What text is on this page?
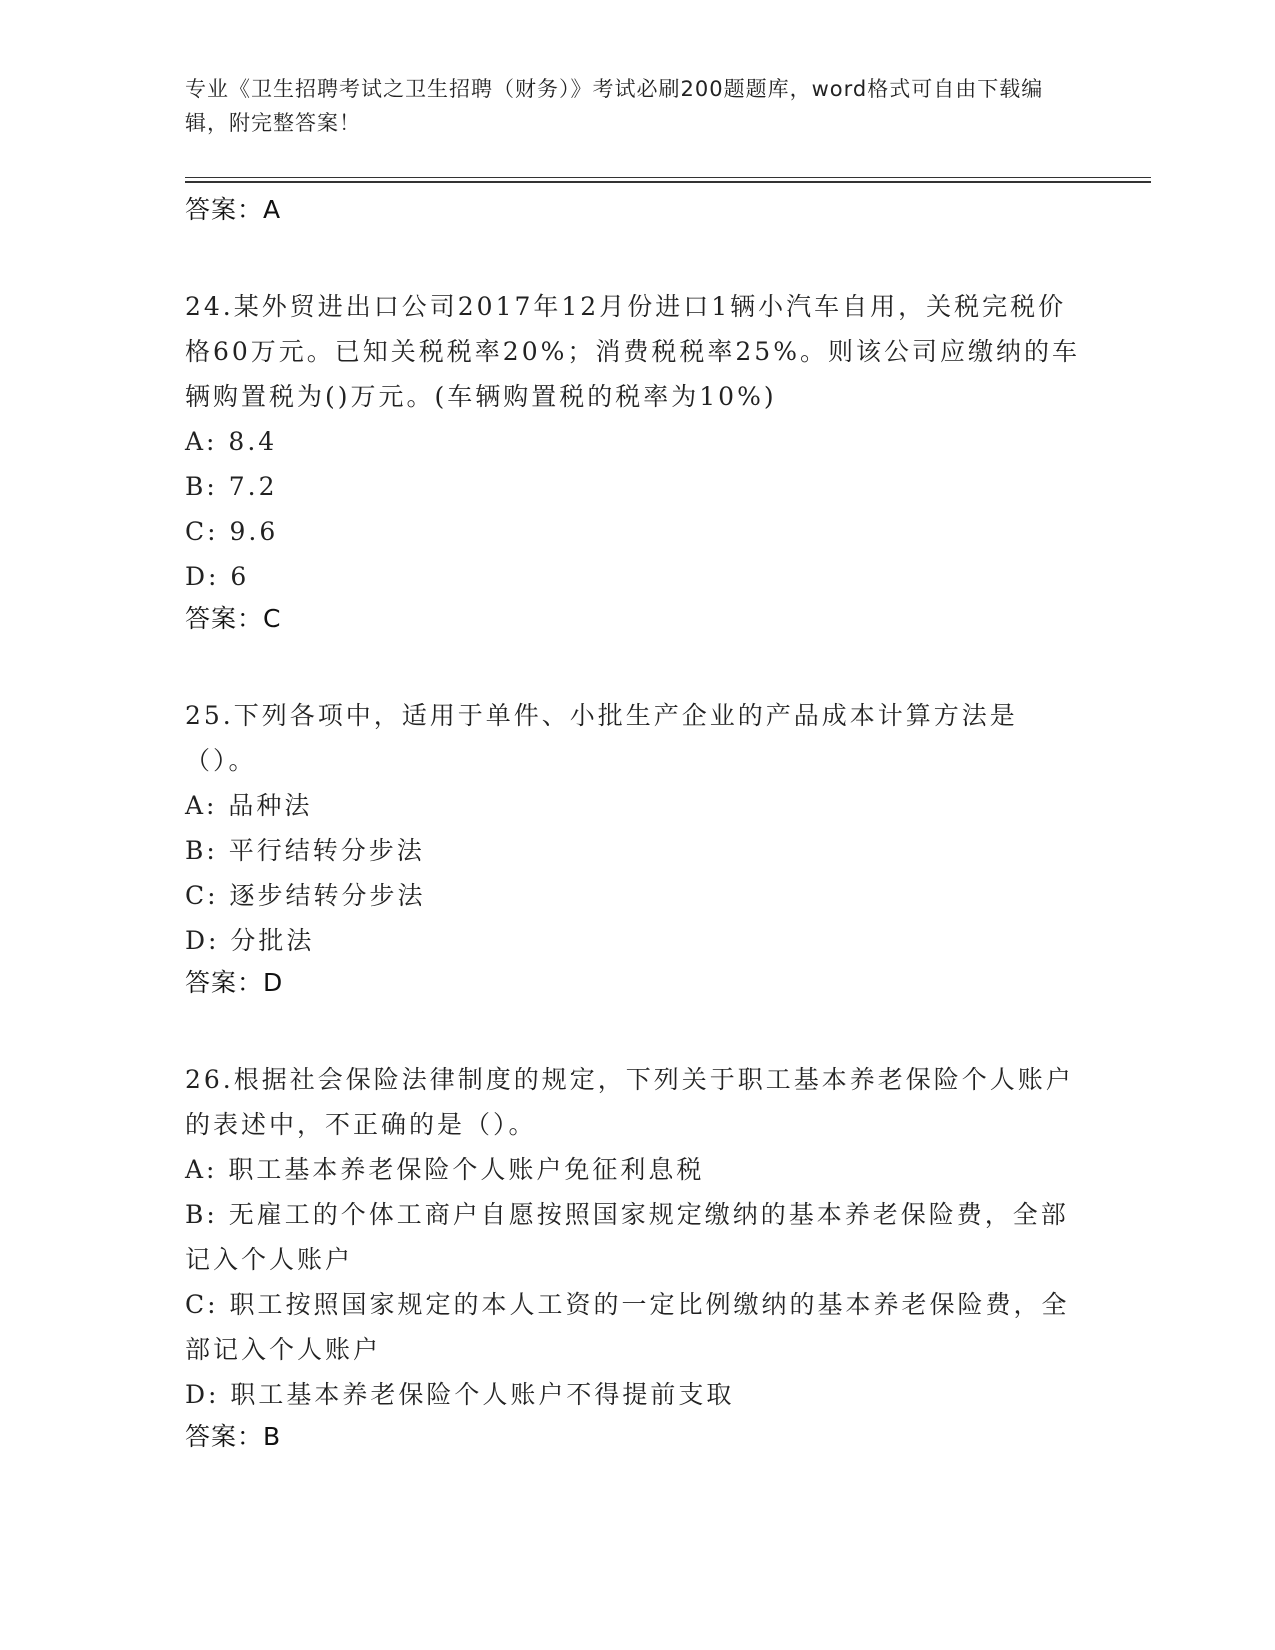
专业《卫生招聘考试之卫生招聘（财务）》考试必刷200题题库，word格式可自由下载编辑，附完整答案！

答案：A

24.某外贸进出口公司2017年12月份进口1辆小汽车自用，关税完税价格60万元。已知关税税率20%；消费税税率25%。则该公司应缴纳的车辆购置税为()万元。(车辆购置税的税率为10%)

A: 8.4

B: 7.2

C: 9.6

D: 6

答案：C

25.下列各项中，适用于单件、小批生产企业的产品成本计算方法是（）。

A: 品种法

B: 平行结转分步法

C: 逐步结转分步法

D: 分批法

答案：D

26.根据社会保险法律制度的规定，下列关于职工基本养老保险个人账户的表述中，不正确的是（）。

A: 职工基本养老保险个人账户免征利息税

B: 无雇工的个体工商户自愿按照国家规定缴纳的基本养老保险费，全部记入个人账户

C: 职工按照国家规定的本人工资的一定比例缴纳的基本养老保险费，全部记入个人账户

D: 职工基本养老保险个人账户不得提前支取

答案：B
